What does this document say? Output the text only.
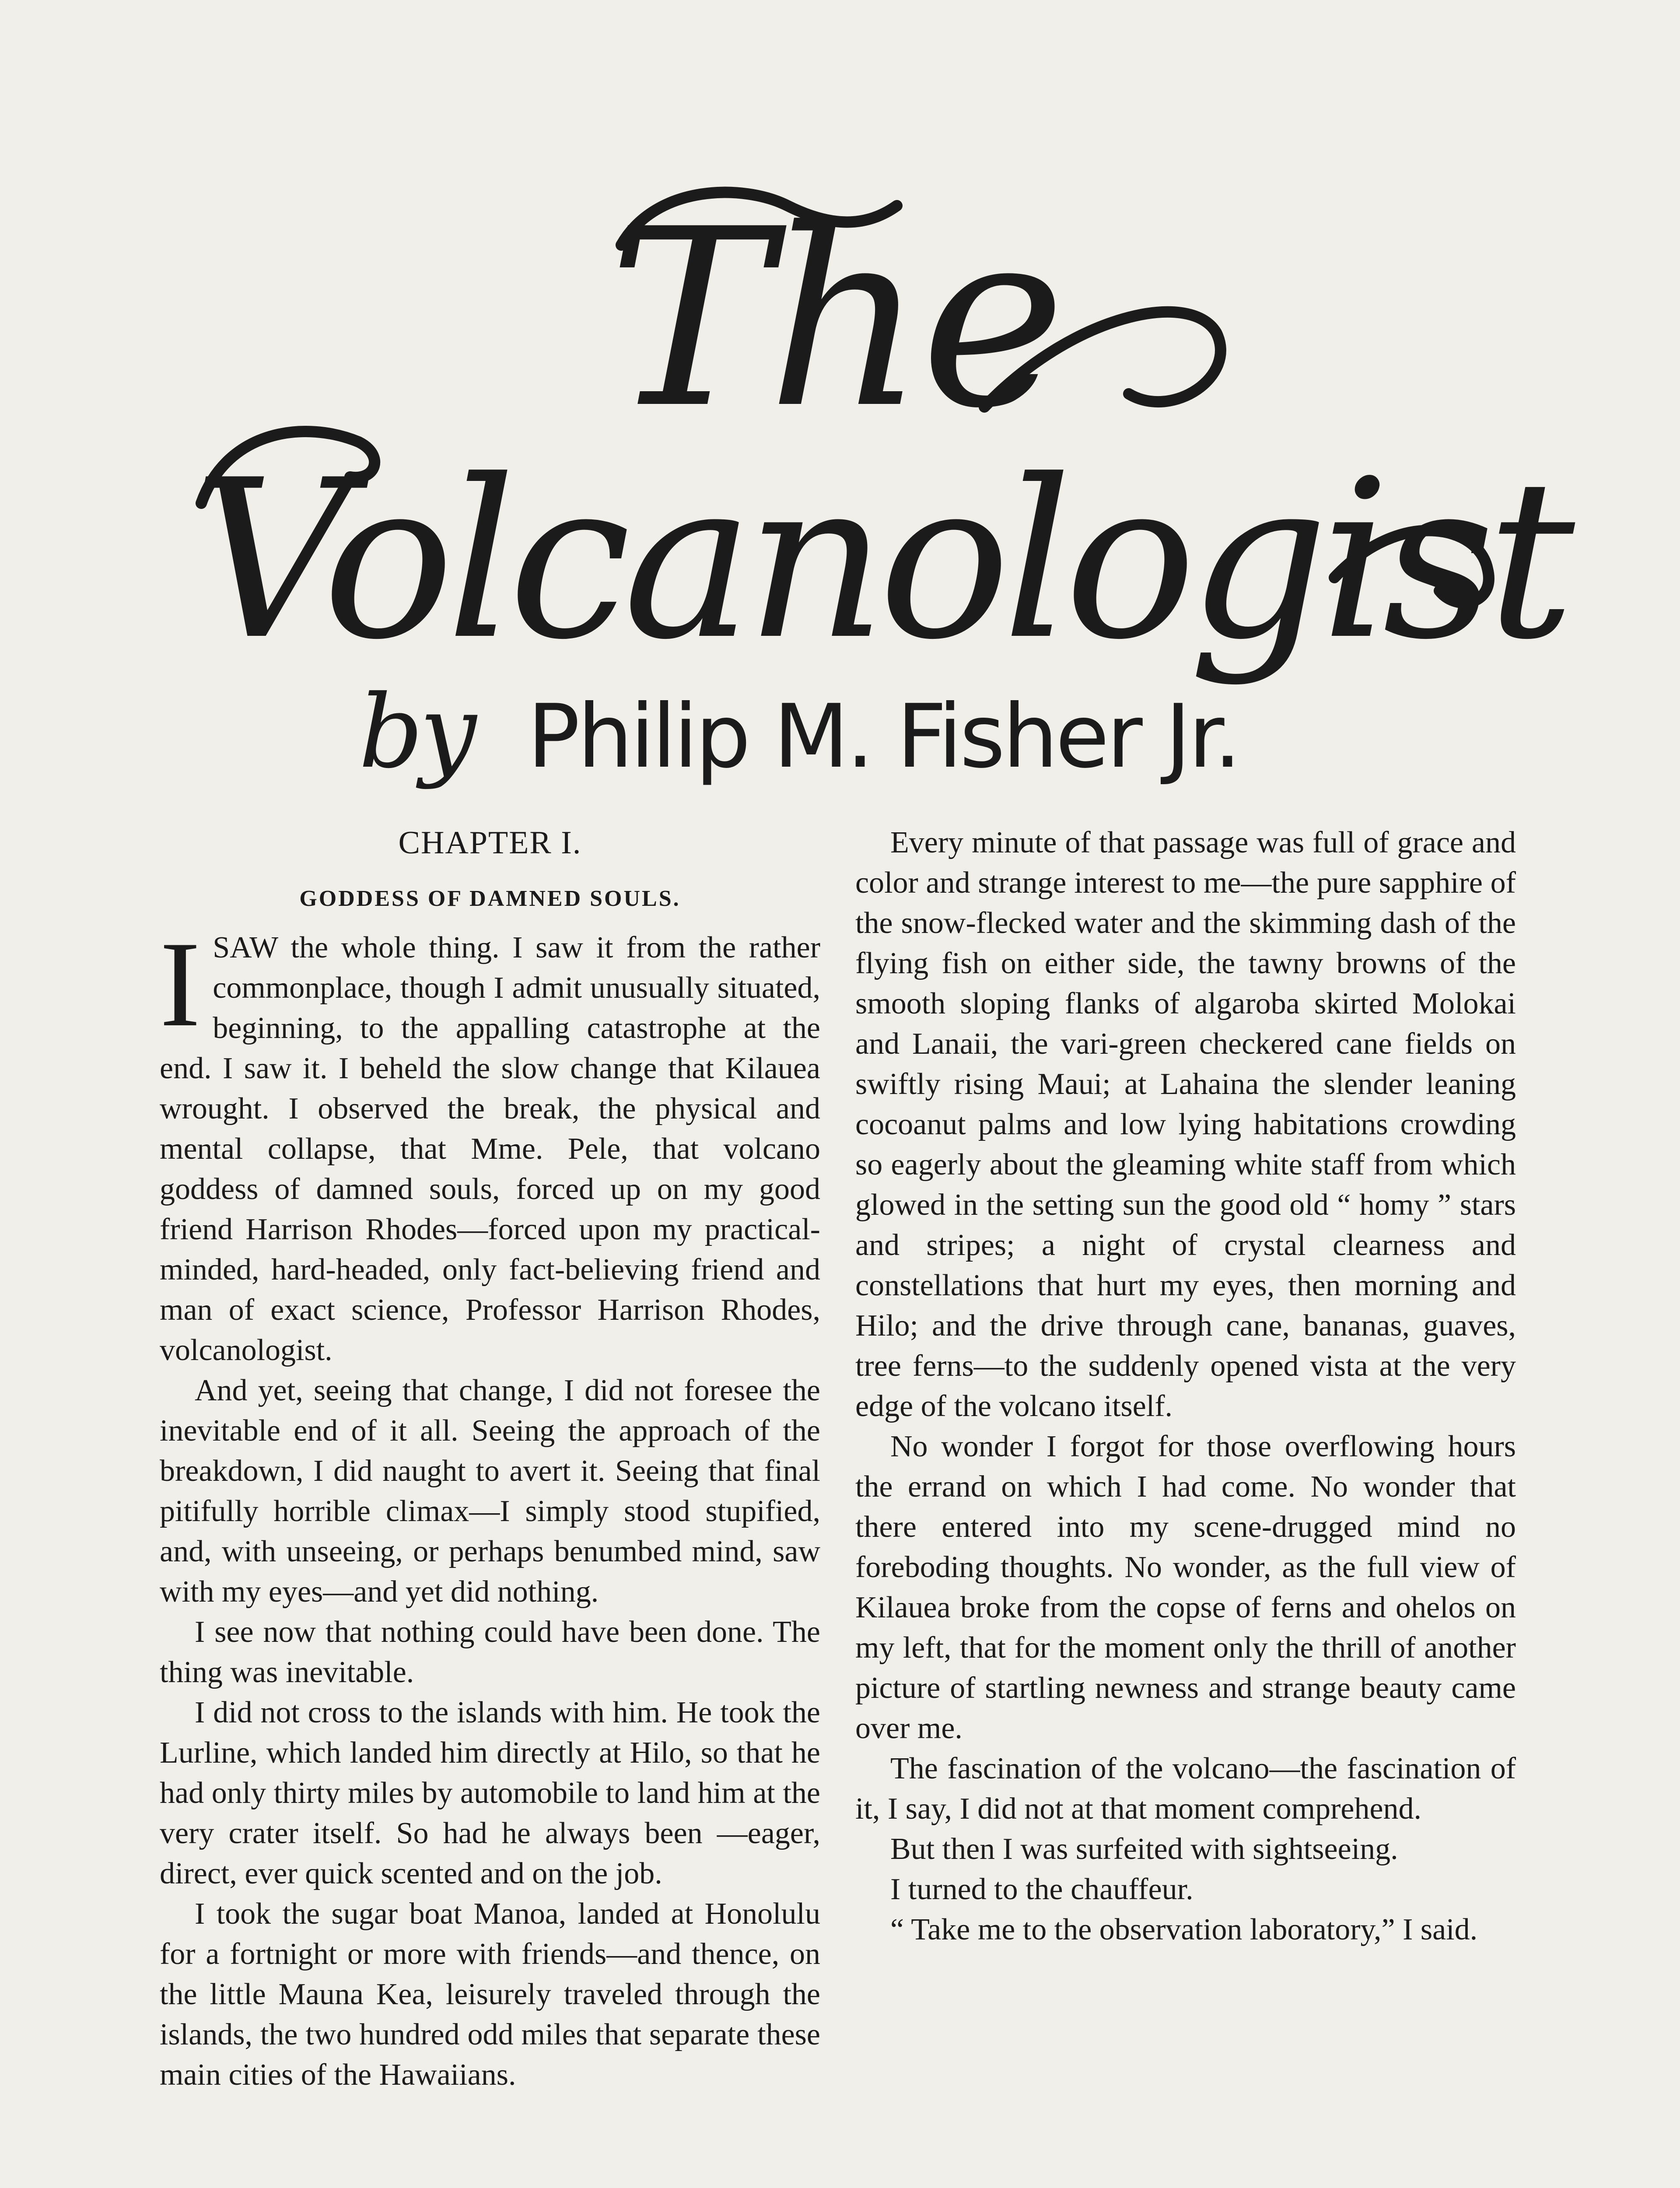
The
Volcanologist
by Philip M. Fisher Jr.

CHAPTER I.

GODDESS OF DAMNED SOULS.

ISAW the whole thing. I saw it from the rather commonplace, though I admit unusually situated, beginning, to the appalling catastrophe at the end. I saw it. I beheld the slow change that Kilauea wrought. I observed the break, the physical and mental collapse, that Mme. Pele, that volcano goddess of damned souls, forced up on my good friend Harrison Rhodes—forced upon my practical-minded, hard-headed, only fact-believing friend and man of exact science, Professor Harrison Rhodes, volcanologist.

And yet, seeing that change, I did not foresee the inevitable end of it all. Seeing the approach of the breakdown, I did naught to avert it. Seeing that final pitifully horrible climax—I simply stood stupified, and, with unseeing, or perhaps benumbed mind, saw with my eyes—and yet did nothing.

I see now that nothing could have been done. The thing was inevitable.

I did not cross to the islands with him. He took the Lurline, which landed him directly at Hilo, so that he had only thirty miles by automobile to land him at the very crater itself. So had he always been —eager, direct, ever quick scented and on the job.

I took the sugar boat Manoa, landed at Honolulu for a fortnight or more with friends—and thence, on the little Mauna Kea, leisurely traveled through the islands, the two hundred odd miles that separate these main cities of the Hawaiians.

Every minute of that passage was full of grace and color and strange interest to me—the pure sapphire of the snow-flecked water and the skimming dash of the flying fish on either side, the tawny browns of the smooth sloping flanks of algaroba skirted Molokai and Lanaii, the vari-green checkered cane fields on swiftly rising Maui; at Lahaina the slender leaning cocoanut palms and low lying habitations crowding so eagerly about the gleaming white staff from which glowed in the setting sun the good old “ homy ” stars and stripes; a night of crystal clearness and constellations that hurt my eyes, then morning and Hilo; and the drive through cane, bananas, guaves, tree ferns—to the suddenly opened vista at the very edge of the volcano itself.

No wonder I forgot for those overflowing hours the errand on which I had come. No wonder that there entered into my scene-drugged mind no foreboding thoughts. No wonder, as the full view of Kilauea broke from the copse of ferns and ohelos on my left, that for the moment only the thrill of another picture of startling newness and strange beauty came over me.

The fascination of the volcano—the fascination of it, I say, I did not at that moment comprehend.

But then I was surfeited with sightseeing.

I turned to the chauffeur.

“ Take me to the observation laboratory,” I said.
